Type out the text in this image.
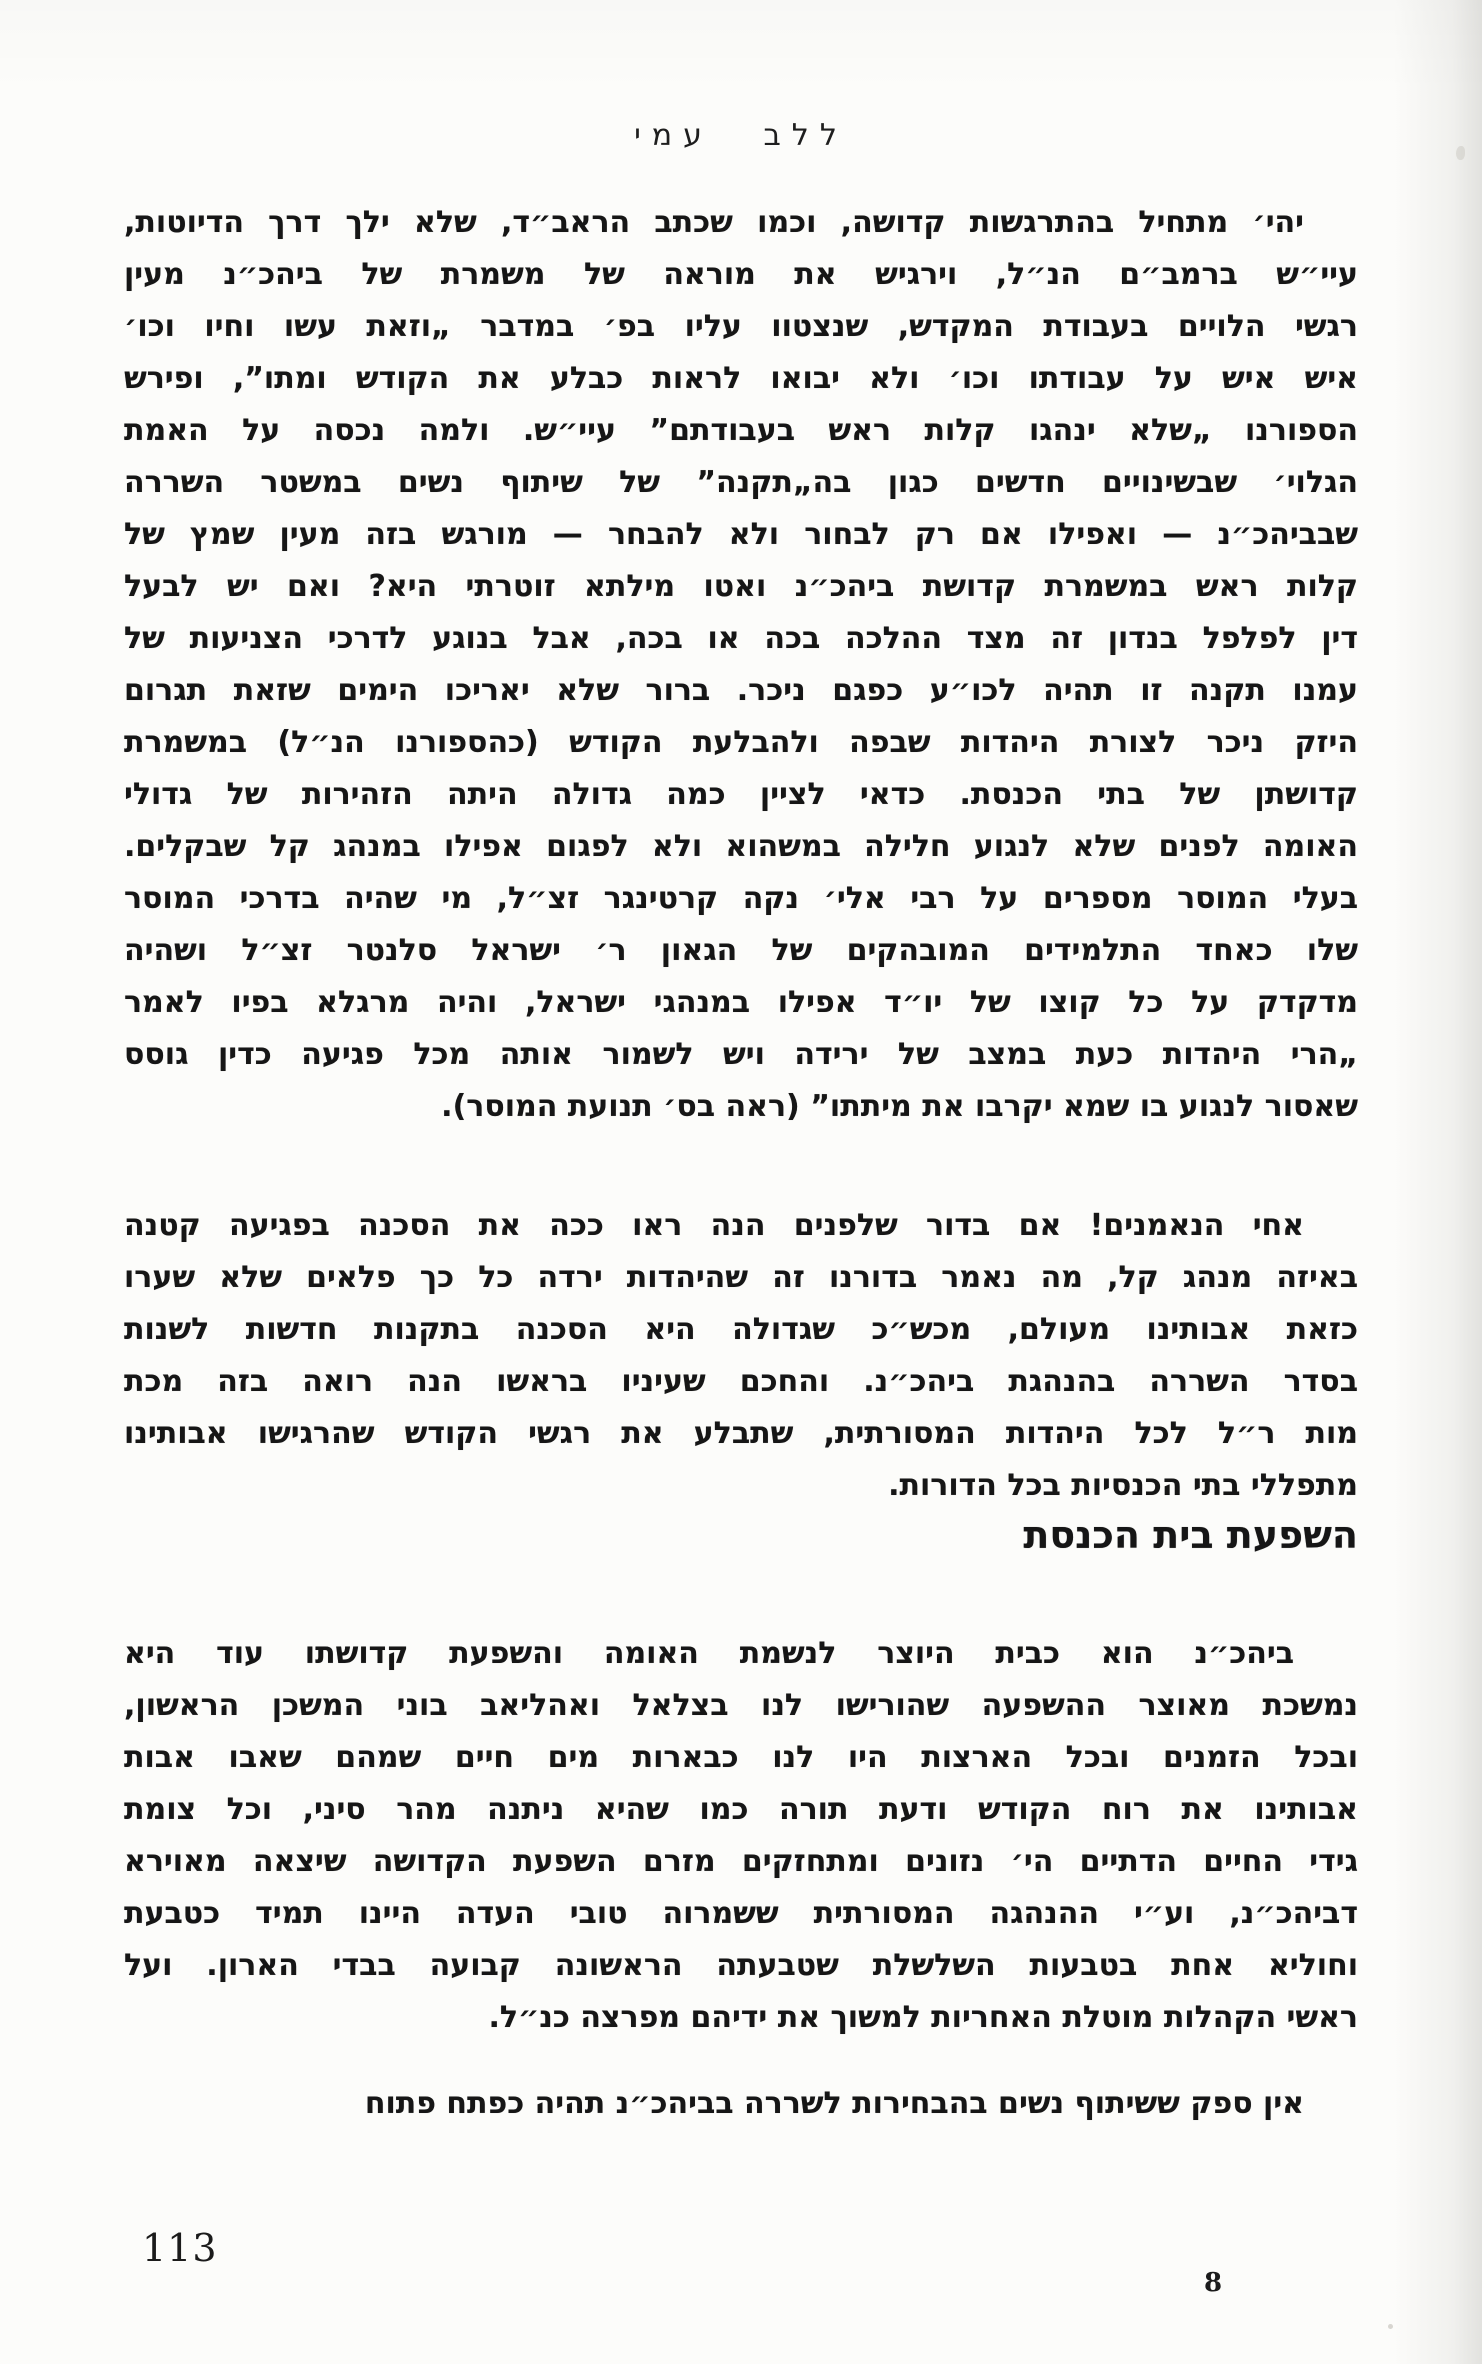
ללב עמי
יהי׳ מתחיל בהתרגשות קדושה, וכמו שכתב הראב״ד, שלא ילך דרך הדיוטות,
עיי״ש ברמב״ם הנ״ל, וירגיש את מוראה של משמרת של ביהכ״נ מעין
רגשי הלויים בעבודת המקדש, שנצטוו עליו בפ׳ במדבר „וזאת עשו וחיו וכו׳
איש איש על עבודתו וכו׳ ולא יבואו לראות כבלע את הקודש ומתו”, ופירש
הספורנו „שלא ינהגו קלות ראש בעבודתם” עיי״ש. ולמה נכסה על האמת
הגלוי׳ שבשינויים חדשים כגון בה„תקנה” של שיתוף נשים במשטר השררה
שבביהכ״נ — ואפילו אם רק לבחור ולא להבחר — מורגש בזה מעין שמץ של
קלות ראש במשמרת קדושת ביהכ״נ ואטו מילתא זוטרתי היא? ואם יש לבעל
דין לפלפל בנדון זה מצד ההלכה בכה או בכה, אבל בנוגע לדרכי הצניעות של
עמנו תקנה זו תהיה לכו״ע כפגם ניכר. ברור שלא יאריכו הימים שזאת תגרום
היזק ניכר לצורת היהדות שבפה ולהבלעת הקודש (כהספורנו הנ״ל) במשמרת
קדושתן של בתי הכנסת. כדאי לציין כמה גדולה היתה הזהירות של גדולי
האומה לפנים שלא לנגוע חלילה במשהוא ולא לפגום אפילו במנהג קל שבקלים.
בעלי המוסר מספרים על רבי אלי׳ נקה קרטינגר זצ״ל, מי שהיה בדרכי המוסר
שלו כאחד התלמידים המובהקים של הגאון ר׳ ישראל סלנטר זצ״ל ושהיה
מדקדק על כל קוצו של יו״ד אפילו במנהגי ישראל, והיה מרגלא בפיו לאמר
„הרי היהדות כעת במצב של ירידה ויש לשמור אותה מכל פגיעה כדין גוסס
שאסור לנגוע בו שמא יקרבו את מיתתו” (ראה בס׳ תנועת המוסר).
אחי הנאמנים! אם בדור שלפנים הנה ראו ככה את הסכנה בפגיעה קטנה
באיזה מנהג קל, מה נאמר בדורנו זה שהיהדות ירדה כל כך פלאים שלא שערו
כזאת אבותינו מעולם, מכש״כ שגדולה היא הסכנה בתקנות חדשות לשנות
בסדר השררה בהנהגת ביהכ״נ. והחכם שעיניו בראשו הנה רואה בזה מכת
מות ר״ל לכל היהדות המסורתית, שתבלע את רגשי הקודש שהרגישו אבותינו
מתפללי בתי הכנסיות בכל הדורות.
השפעת בית הכנסת
ביהכ״נ הוא כבית היוצר לנשמת האומה והשפעת קדושתו עוד היא
נמשכת מאוצר ההשפעה שהורישו לנו בצלאל ואהליאב בוני המשכן הראשון,
ובכל הזמנים ובכל הארצות היו לנו כבארות מים חיים שמהם שאבו אבות
אבותינו את רוח הקודש ודעת תורה כמו שהיא ניתנה מהר סיני, וכל צומת
גידי החיים הדתיים הי׳ נזונים ומתחזקים מזרם השפעת הקדושה שיצאה מאוירא
דביהכ״נ, וע״י ההנהגה המסורתית ששמרוה טובי העדה היינו תמיד כטבעת
וחוליא אחת בטבעות השלשלת שטבעתה הראשונה קבועה בבדי הארון. ועל
ראשי הקהלות מוטלת האחריות למשוך את ידיהם מפרצה כנ״ל.
אין ספק ששיתוף נשים בהבחירות לשררה בביהכ״נ תהיה כפתח פתוח
113
8
